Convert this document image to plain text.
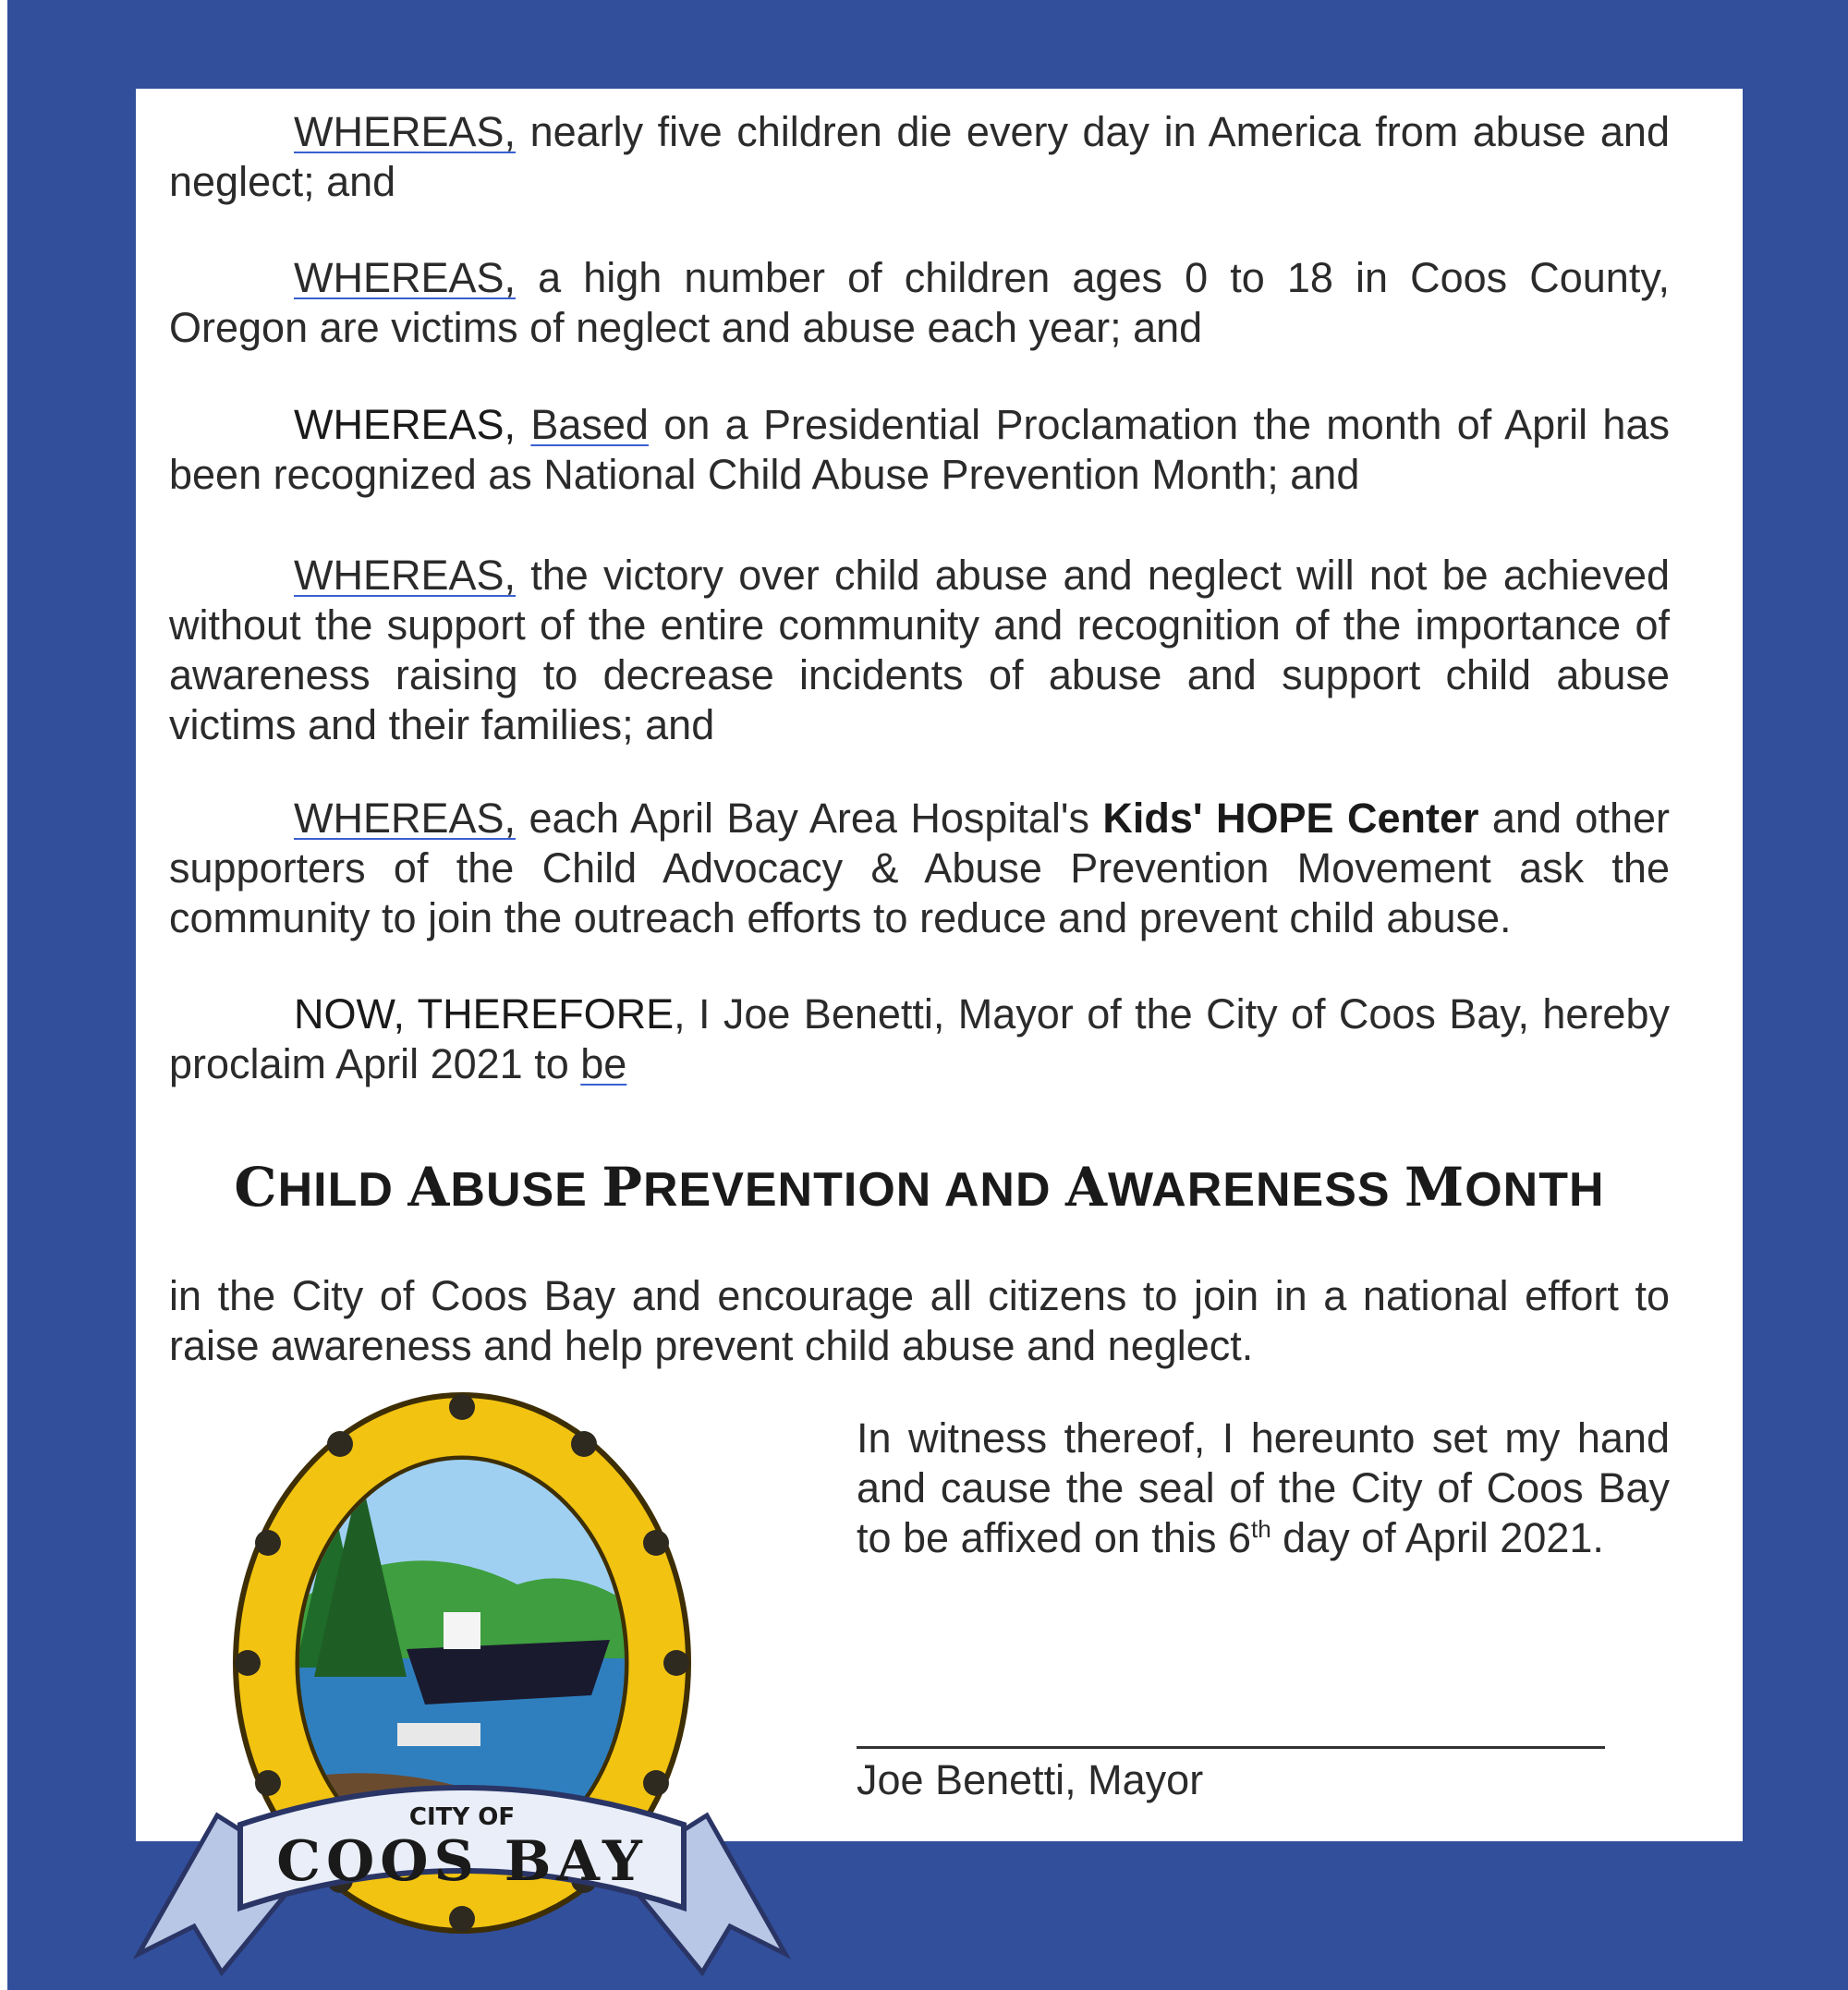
WHEREAS, nearly five children die every day in America from abuse and neglect; and
WHEREAS, a high number of children ages 0 to 18 in Coos County, Oregon are victims of neglect and abuse each year; and
WHEREAS, Based on a Presidential Proclamation the month of April has been recognized as National Child Abuse Prevention Month; and
WHEREAS, the victory over child abuse and neglect will not be achieved without the support of the entire community and recognition of the importance of awareness raising to decrease incidents of abuse and support child abuse victims and their families; and
WHEREAS, each April Bay Area Hospital's Kids' HOPE Center and other supporters of the Child Advocacy & Abuse Prevention Movement ask the community to join the outreach efforts to reduce and prevent child abuse.
NOW, THEREFORE, I Joe Benetti, Mayor of the City of Coos Bay, hereby proclaim April 2021 to be
CHILD ABUSE PREVENTION AND AWARENESS MONTH
in the City of Coos Bay and encourage all citizens to join in a national effort to raise awareness and help prevent child abuse and neglect.
In witness thereof, I hereunto set my hand and cause the seal of the City of Coos Bay to be affixed on this 6th day of April 2021.
Joe Benetti, Mayor
CITY OF
COOS BAY
